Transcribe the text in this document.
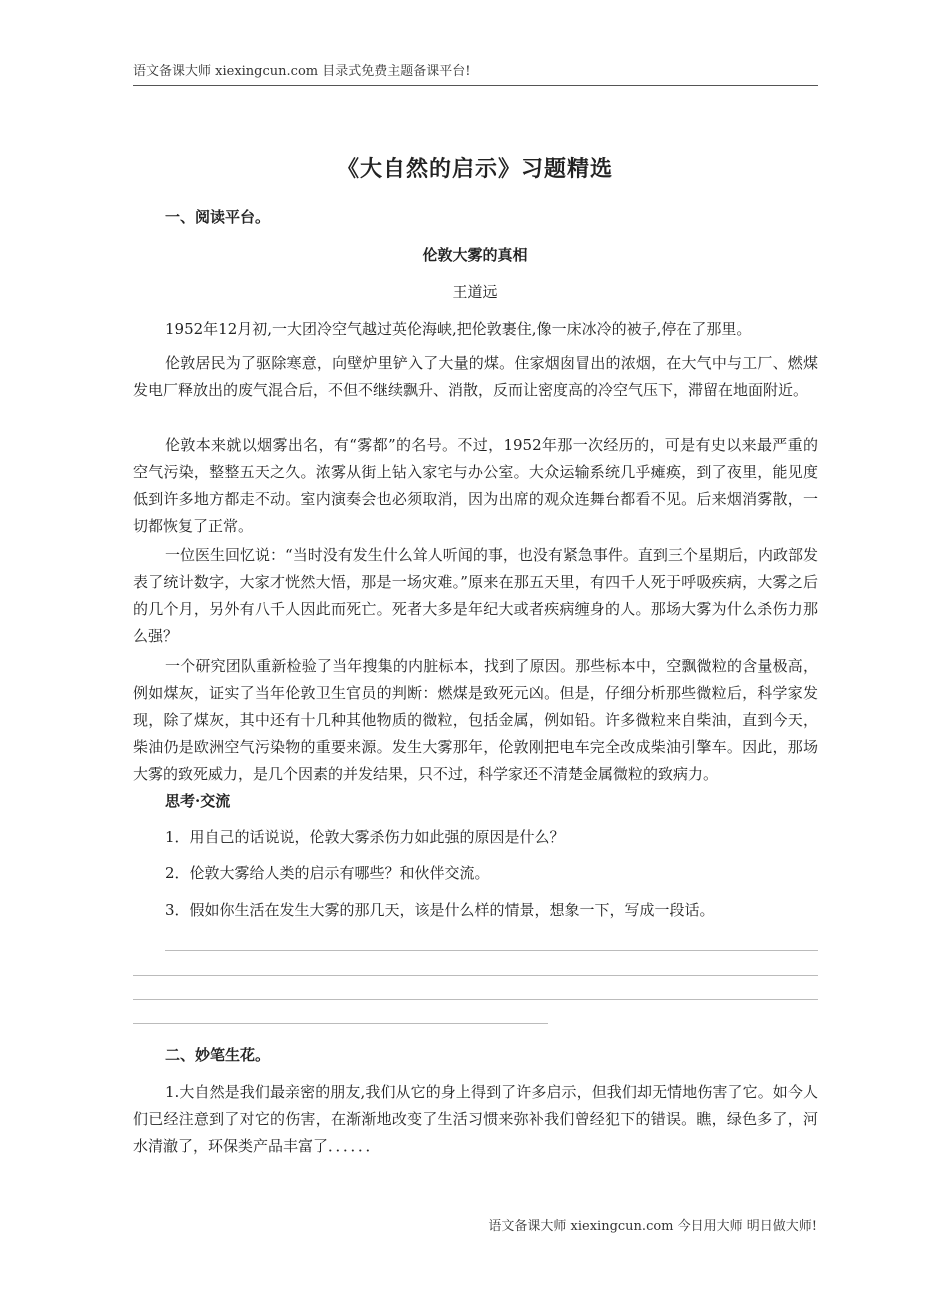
语文备课大师 xiexingcun.com 目录式免费主题备课平台!
《大自然的启示》习题精选
一、阅读平台。
伦敦大雾的真相
王道远
1952年12月初,一大团冷空气越过英伦海峡,把伦敦裹住,像一床冰冷的被子,停在了那里。
伦敦居民为了驱除寒意，向壁炉里铲入了大量的煤。住家烟囱冒出的浓烟，在大气中与工厂、燃煤发电厂释放出的废气混合后，不但不继续飘升、消散，反而让密度高的冷空气压下，滞留在地面附近。
伦敦本来就以烟雾出名，有“雾都”的名号。不过，1952年那一次经历的，可是有史以来最严重的空气污染，整整五天之久。浓雾从街上钻入家宅与办公室。大众运输系统几乎瘫痪，到了夜里，能见度低到许多地方都走不动。室内演奏会也必须取消，因为出席的观众连舞台都看不见。后来烟消雾散，一切都恢复了正常。
一位医生回忆说：“当时没有发生什么耸人听闻的事，也没有紧急事件。直到三个星期后，内政部发表了统计数字，大家才恍然大悟，那是一场灾难。”原来在那五天里，有四千人死于呼吸疾病，大雾之后的几个月，另外有八千人因此而死亡。死者大多是年纪大或者疾病缠身的人。那场大雾为什么杀伤力那么强？
一个研究团队重新检验了当年搜集的内脏标本，找到了原因。那些标本中，空飘微粒的含量极高，例如煤灰，证实了当年伦敦卫生官员的判断：燃煤是致死元凶。但是，仔细分析那些微粒后，科学家发现，除了煤灰，其中还有十几种其他物质的微粒，包括金属，例如铅。许多微粒来自柴油，直到今天，柴油仍是欧洲空气污染物的重要来源。发生大雾那年，伦敦刚把电车完全改成柴油引擎车。因此，那场大雾的致死威力，是几个因素的并发结果，只不过，科学家还不清楚金属微粒的致病力。
思考·交流
1．用自己的话说说，伦敦大雾杀伤力如此强的原因是什么？
2．伦敦大雾给人类的启示有哪些？和伙伴交流。
3．假如你生活在发生大雾的那几天，该是什么样的情景，想象一下，写成一段话。
二、妙笔生花。
1.大自然是我们最亲密的朋友,我们从它的身上得到了许多启示，但我们却无情地伤害了它。如今人们已经注意到了对它的伤害，在渐渐地改变了生活习惯来弥补我们曾经犯下的错误。瞧，绿色多了，河水清澈了，环保类产品丰富了．．．．．．
语文备课大师 xiexingcun.com 今日用大师 明日做大师!
